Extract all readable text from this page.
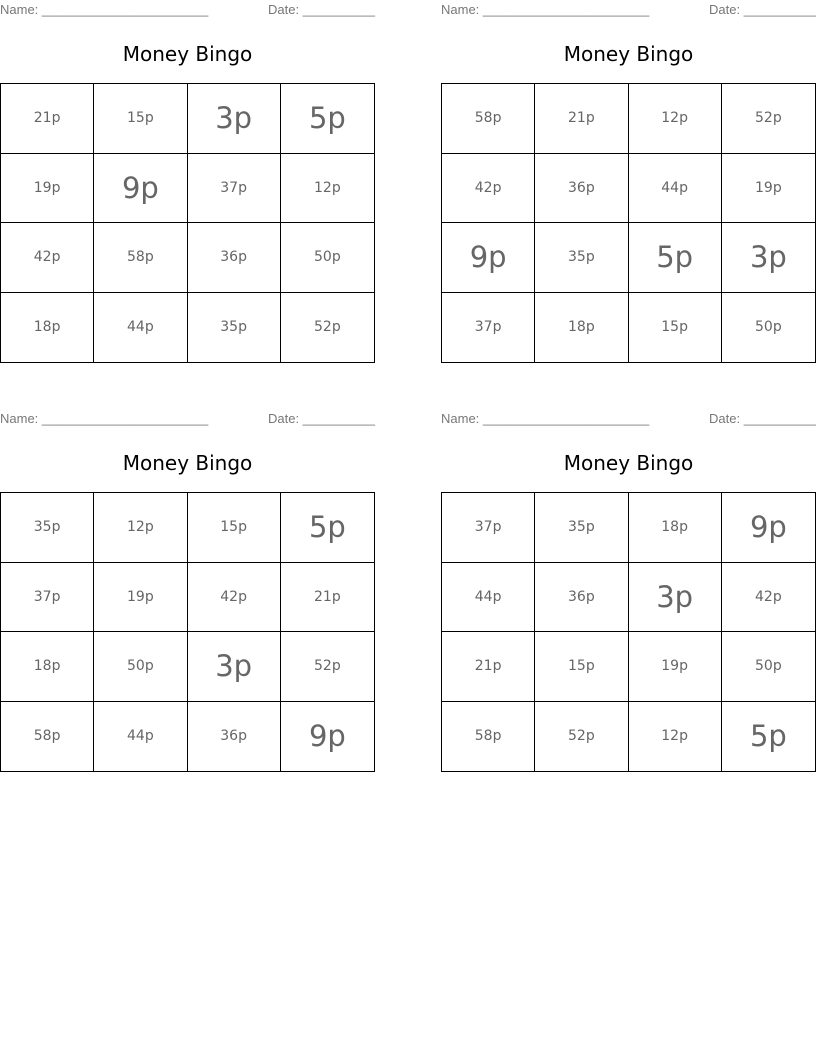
Name: _______________________	Date: __________
Money Bingo
21p	15p	3p	5p
19p	9p	37p	12p
42p	58p	36p	50p
18p	44p	35p	52p
Name: _______________________	Date: __________
Money Bingo
58p	21p	12p	52p
42p	36p	44p	19p
9p	35p	5p	3p
37p	18p	15p	50p
Name: _______________________	Date: __________
Money Bingo
35p	12p	15p	5p
37p	19p	42p	21p
18p	50p	3p	52p
58p	44p	36p	9p
Name: _______________________	Date: __________
Money Bingo
37p	35p	18p	9p
44p	36p	3p	42p
21p	15p	19p	50p
58p	52p	12p	5p
